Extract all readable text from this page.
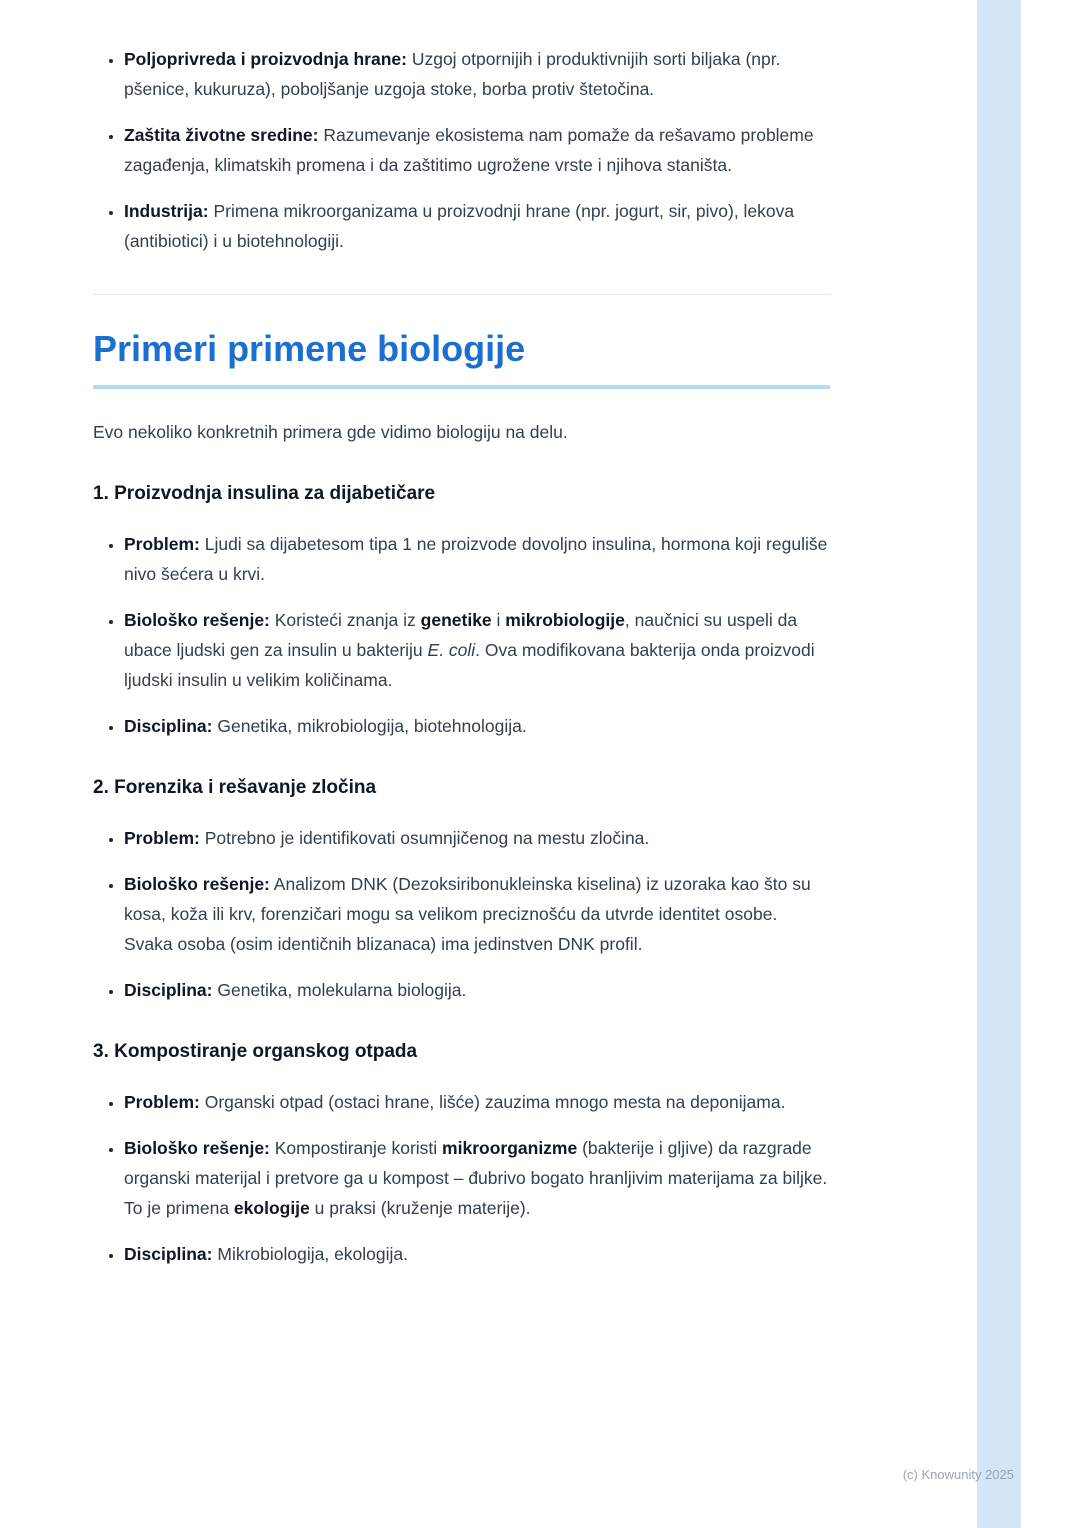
• Poljoprivreda i proizvodnja hrane: Uzgoj otpornijih i produktivnijih sorti biljaka (npr. pšenice, kukuruza), poboljšanje uzgoja stoke, borba protiv štetočina.
• Zaštita životne sredine: Razumevanje ekosistema nam pomaže da rešavamo probleme zagađenja, klimatskih promena i da zaštitimo ugrožene vrste i njihova staništa.
• Industrija: Primena mikroorganizama u proizvodnji hrane (npr. jogurt, sir, pivo), lekova (antibiotici) i u biotehnologiji.
Primeri primene biologije

Evo nekoliko konkretnih primera gde vidimo biologiju na delu.

1. Proizvodnja insulina za dijabetičare
• Problem: Ljudi sa dijabetesom tipa 1 ne proizvode dovoljno insulina, hormona koji reguliše nivo šećera u krvi.
• Biološko rešenje: Koristeći znanja iz genetike i mikrobiologije, naučnici su uspeli da ubace ljudski gen za insulin u bakteriju E. coli. Ova modifikovana bakterija onda proizvodi ljudski insulin u velikim količinama.
• Disciplina: Genetika, mikrobiologija, biotehnologija.
2. Forenzika i rešavanje zločina
• Problem: Potrebno je identifikovati osumnjičenog na mestu zločina.
• Biološko rešenje: Analizom DNK (Dezoksiribonukleinska kiselina) iz uzoraka kao što su kosa, koža ili krv, forenzičari mogu sa velikom preciznošću da utvrde identitet osobe. Svaka osoba (osim identičnih blizanaca) ima jedinstven DNK profil.
• Disciplina: Genetika, molekularna biologija.
3. Kompostiranje organskog otpada
• Problem: Organski otpad (ostaci hrane, lišće) zauzima mnogo mesta na deponijama.
• Biološko rešenje: Kompostiranje koristi mikroorganizme (bakterije i gljive) da razgrade organski materijal i pretvore ga u kompost – đubrivo bogato hranljivim materijama za biljke. To je primena ekologije u praksi (kruženje materije).
• Disciplina: Mikrobiologija, ekologija.
(c) Knowunity 2025
